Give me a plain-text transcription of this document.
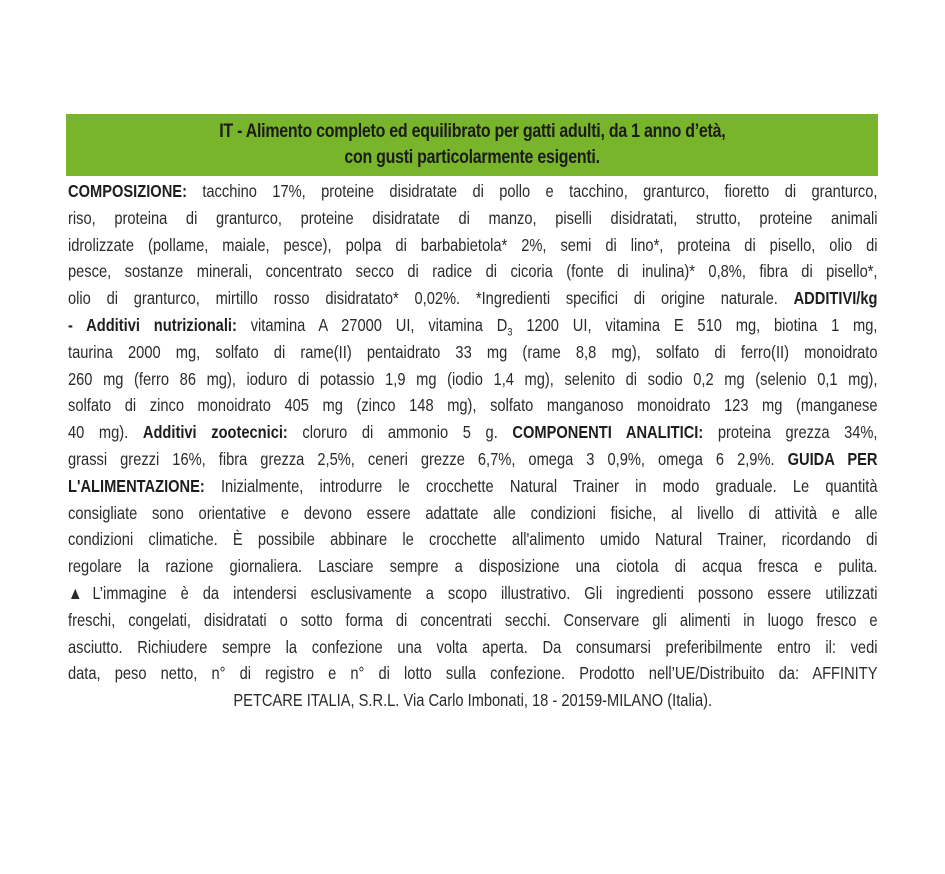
IT - Alimento completo ed equilibrato per gatti adulti, da 1 anno d’età,
con gusti particolarmente esigenti.
COMPOSIZIONE: tacchino 17%, proteine disidratate di pollo e tacchino, granturco, fioretto di granturco,
riso, proteina di granturco, proteine disidratate di manzo, piselli disidratati, strutto, proteine animali
idrolizzate (pollame, maiale, pesce), polpa di barbabietola* 2%, semi di lino*, proteina di pisello, olio di
pesce, sostanze minerali, concentrato secco di radice di cicoria (fonte di inulina)* 0,8%, fibra di pisello*,
olio di granturco, mirtillo rosso disidratato* 0,02%. *Ingredienti specifici di origine naturale. ADDITIVI/kg
- Additivi nutrizionali: vitamina A 27000 UI, vitamina $D_3$ 1200 UI, vitamina E 510 mg, biotina 1 mg,
taurina 2000 mg, solfato di rame(II) pentaidrato 33 mg (rame 8,8 mg), solfato di ferro(II) monoidrato
260 mg (ferro 86 mg), ioduro di potassio 1,9 mg (iodio 1,4 mg), selenito di sodio 0,2 mg (selenio 0,1 mg),
solfato di zinco monoidrato 405 mg (zinco 148 mg), solfato manganoso monoidrato 123 mg (manganese
40 mg). Additivi zootecnici: cloruro di ammonio 5 g. COMPONENTI ANALITICI: proteina grezza 34%,
grassi grezzi 16%, fibra grezza 2,5%, ceneri grezze 6,7%, omega 3 0,9%, omega 6 2,9%. GUIDA PER
L'ALIMENTAZIONE: Inizialmente, introdurre le crocchette Natural Trainer in modo graduale. Le quantità
consigliate sono orientative e devono essere adattate alle condizioni fisiche, al livello di attività e alle
condizioni climatiche. È possibile abbinare le crocchette all'alimento umido Natural Trainer, ricordando di
regolare la razione giornaliera. Lasciare sempre a disposizione una ciotola di acqua fresca e pulita.
▲L’immagine è da intendersi esclusivamente a scopo illustrativo. Gli ingredienti possono essere utilizzati
freschi, congelati, disidratati o sotto forma di concentrati secchi. Conservare gli alimenti in luogo fresco e
asciutto. Richiudere sempre la confezione una volta aperta. Da consumarsi preferibilmente entro il: vedi
data, peso netto, n° di registro e n° di lotto sulla confezione. Prodotto nell’UE/Distribuito da: AFFINITY
PETCARE ITALIA, S.R.L. Via Carlo Imbonati, 18 - 20159-MILANO (Italia).
